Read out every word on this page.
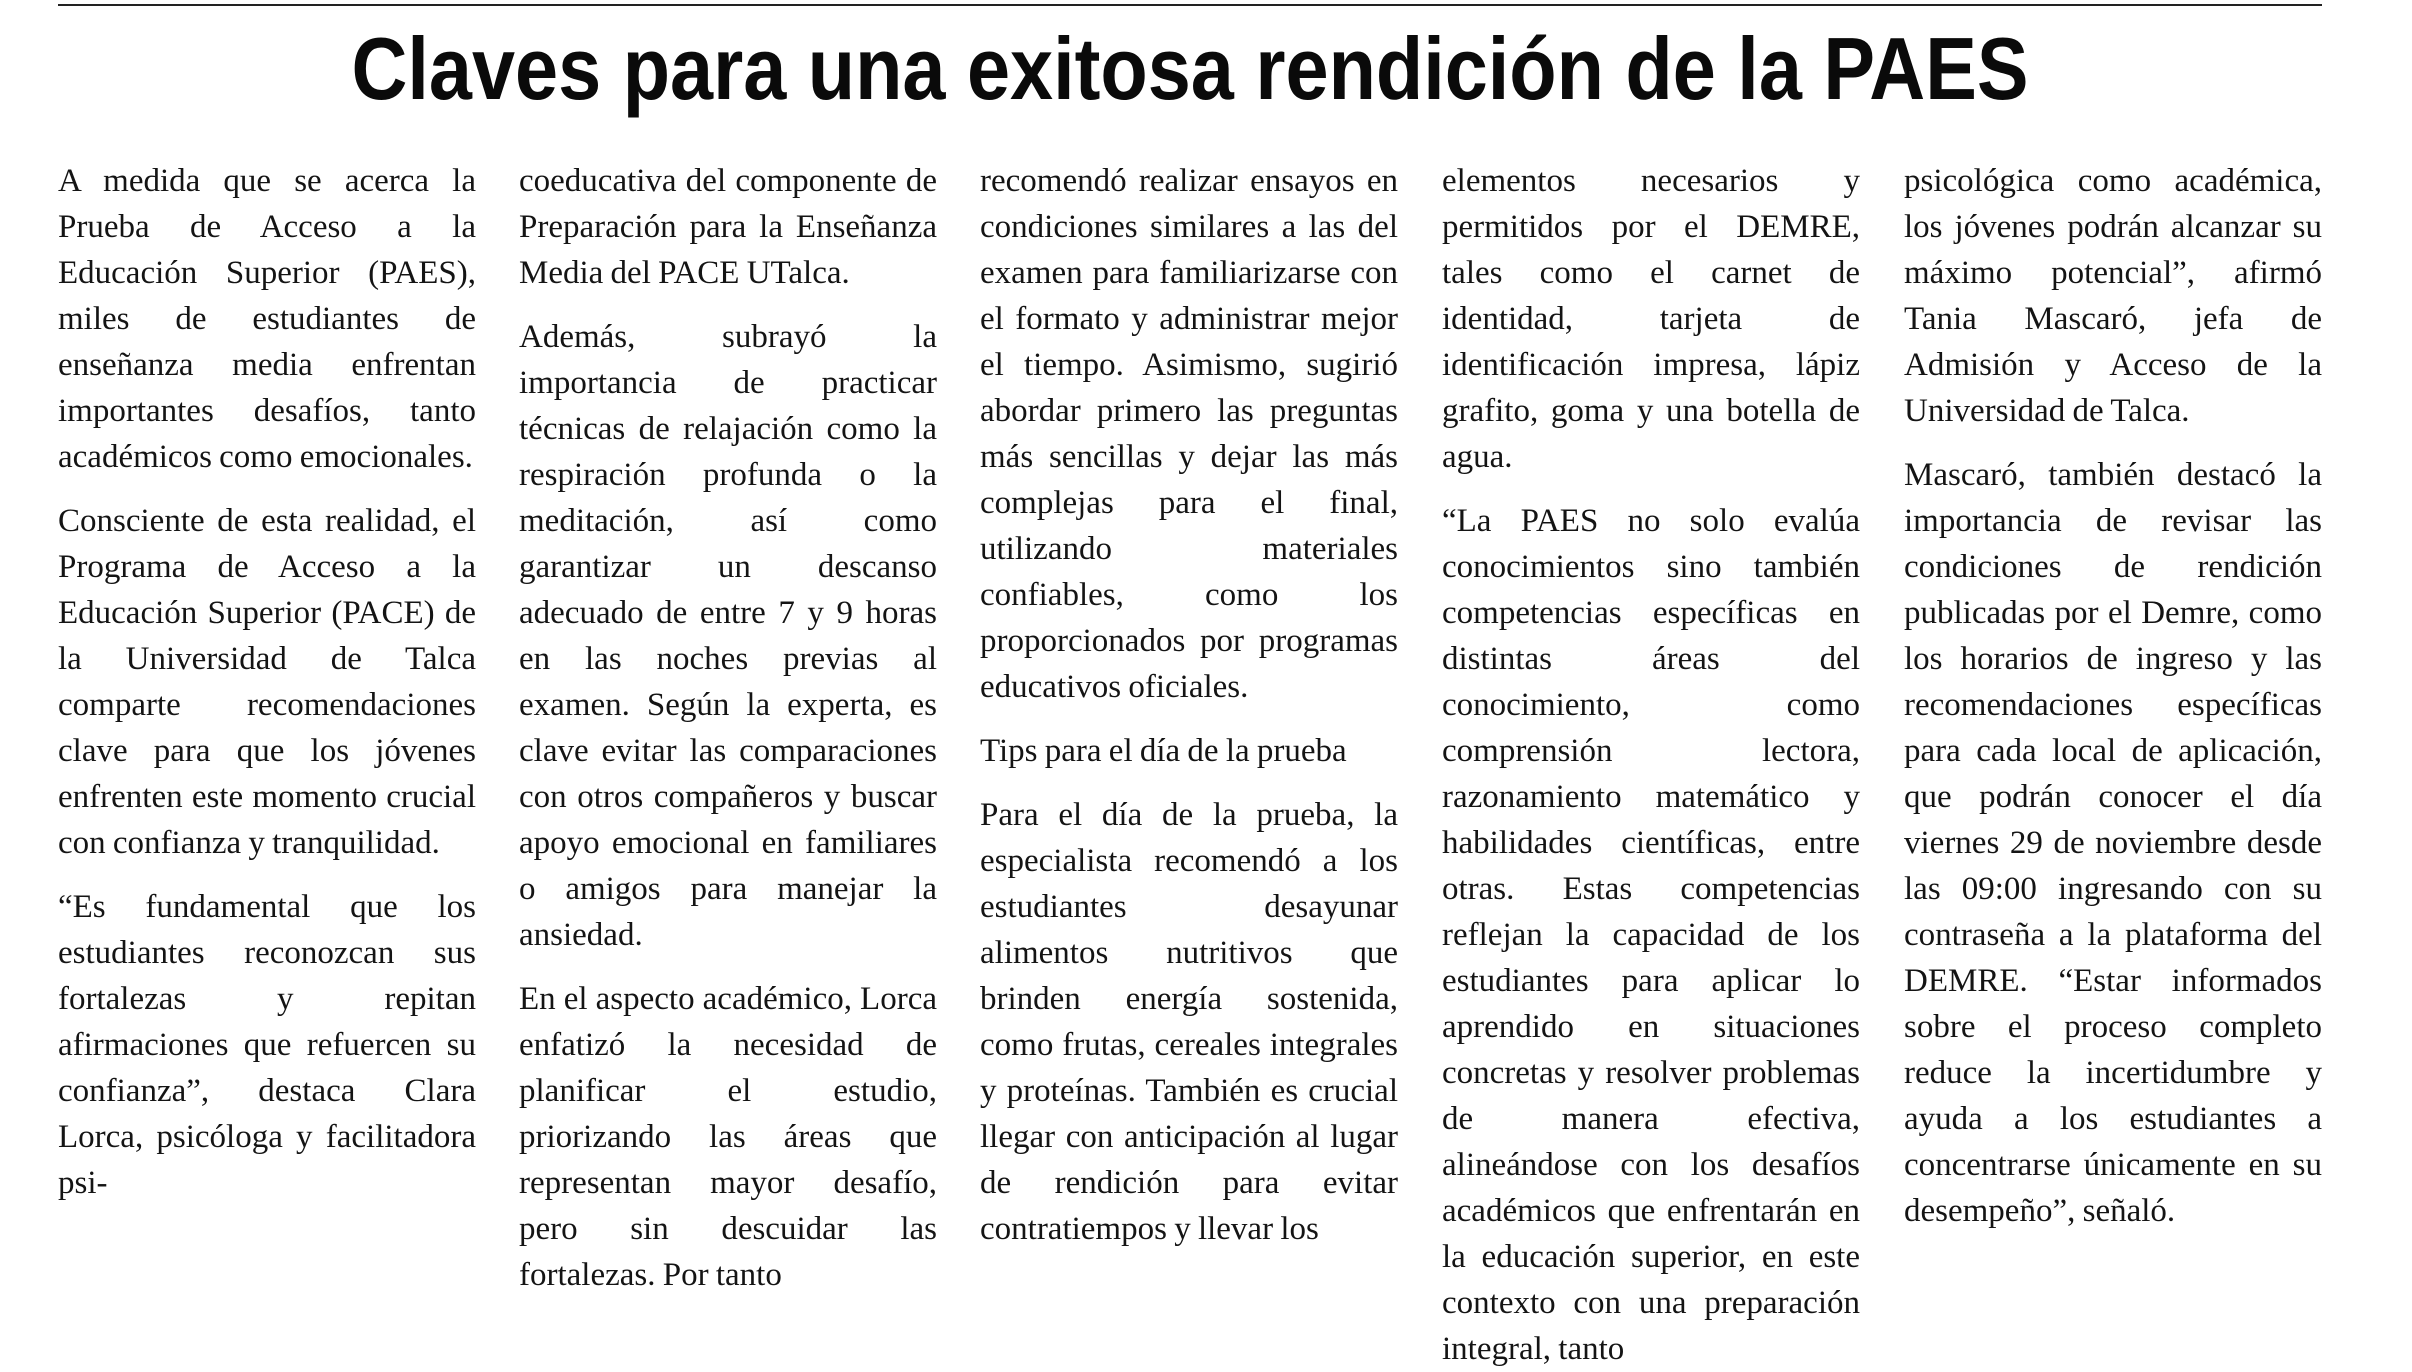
Claves para una exitosa rendición de la PAES

A medida que se acerca la Prueba de Acceso a la Educación Superior (PAES), miles de estudiantes de enseñanza media enfrentan importantes desafíos, tanto académicos como emocionales.

Consciente de esta realidad, el Programa de Acceso a la Educación Superior (PACE) de la Universidad de Talca comparte recomendaciones clave para que los jóvenes enfrenten este momento crucial con confianza y tranquilidad.

“Es fundamental que los estudiantes reconozcan sus fortalezas y repitan afirmaciones que refuercen su confianza”, destaca Clara Lorca, psicóloga y facilitadora psi-

coeducativa del componente de Preparación para la Enseñanza Media del PACE UTalca.

Además, subrayó la importancia de practicar técnicas de relajación como la respiración profunda o la meditación, así como garantizar un descanso adecuado de entre 7 y 9 horas en las noches previas al examen. Según la experta, es clave evitar las comparaciones con otros compañeros y buscar apoyo emocional en familiares o amigos para manejar la ansiedad.

En el aspecto académico, Lorca enfatizó la necesidad de planificar el estudio, priorizando las áreas que representan mayor desafío, pero sin descuidar las fortalezas. Por tanto

recomendó realizar ensayos en condiciones similares a las del examen para familiarizarse con el formato y administrar mejor el tiempo. Asimismo, sugirió abordar primero las preguntas más sencillas y dejar las más complejas para el final, utilizando materiales confiables, como los proporcionados por programas educativos oficiales.

Tips para el día de la prueba

Para el día de la prueba, la especialista recomendó a los estudiantes desayunar alimentos nutritivos que brinden energía sostenida, como frutas, cereales integrales y proteínas. También es crucial llegar con anticipación al lugar de rendición para evitar contratiempos y llevar los

elementos necesarios y permitidos por el DEMRE, tales como el carnet de identidad, tarjeta de identificación impresa, lápiz grafito, goma y una botella de agua.

“La PAES no solo evalúa conocimientos sino también competencias específicas en distintas áreas del conocimiento, como comprensión lectora, razonamiento matemático y habilidades científicas, entre otras. Estas competencias reflejan la capacidad de los estudiantes para aplicar lo aprendido en situaciones concretas y resolver problemas de manera efectiva, alineándose con los desafíos académicos que enfrentarán en la educación superior, en este contexto con una preparación integral, tanto

psicológica como académica, los jóvenes podrán alcanzar su máximo potencial”, afirmó Tania Mascaró, jefa de Admisión y Acceso de la Universidad de Talca.

Mascaró, también destacó la importancia de revisar las condiciones de rendición publicadas por el Demre, como los horarios de ingreso y las recomendaciones específicas para cada local de aplicación, que podrán conocer el día viernes 29 de noviembre desde las 09:00 ingresando con su contraseña a la plataforma del DEMRE. “Estar informados sobre el proceso completo reduce la incertidumbre y ayuda a los estudiantes a concentrarse únicamente en su desempeño”, señaló.
